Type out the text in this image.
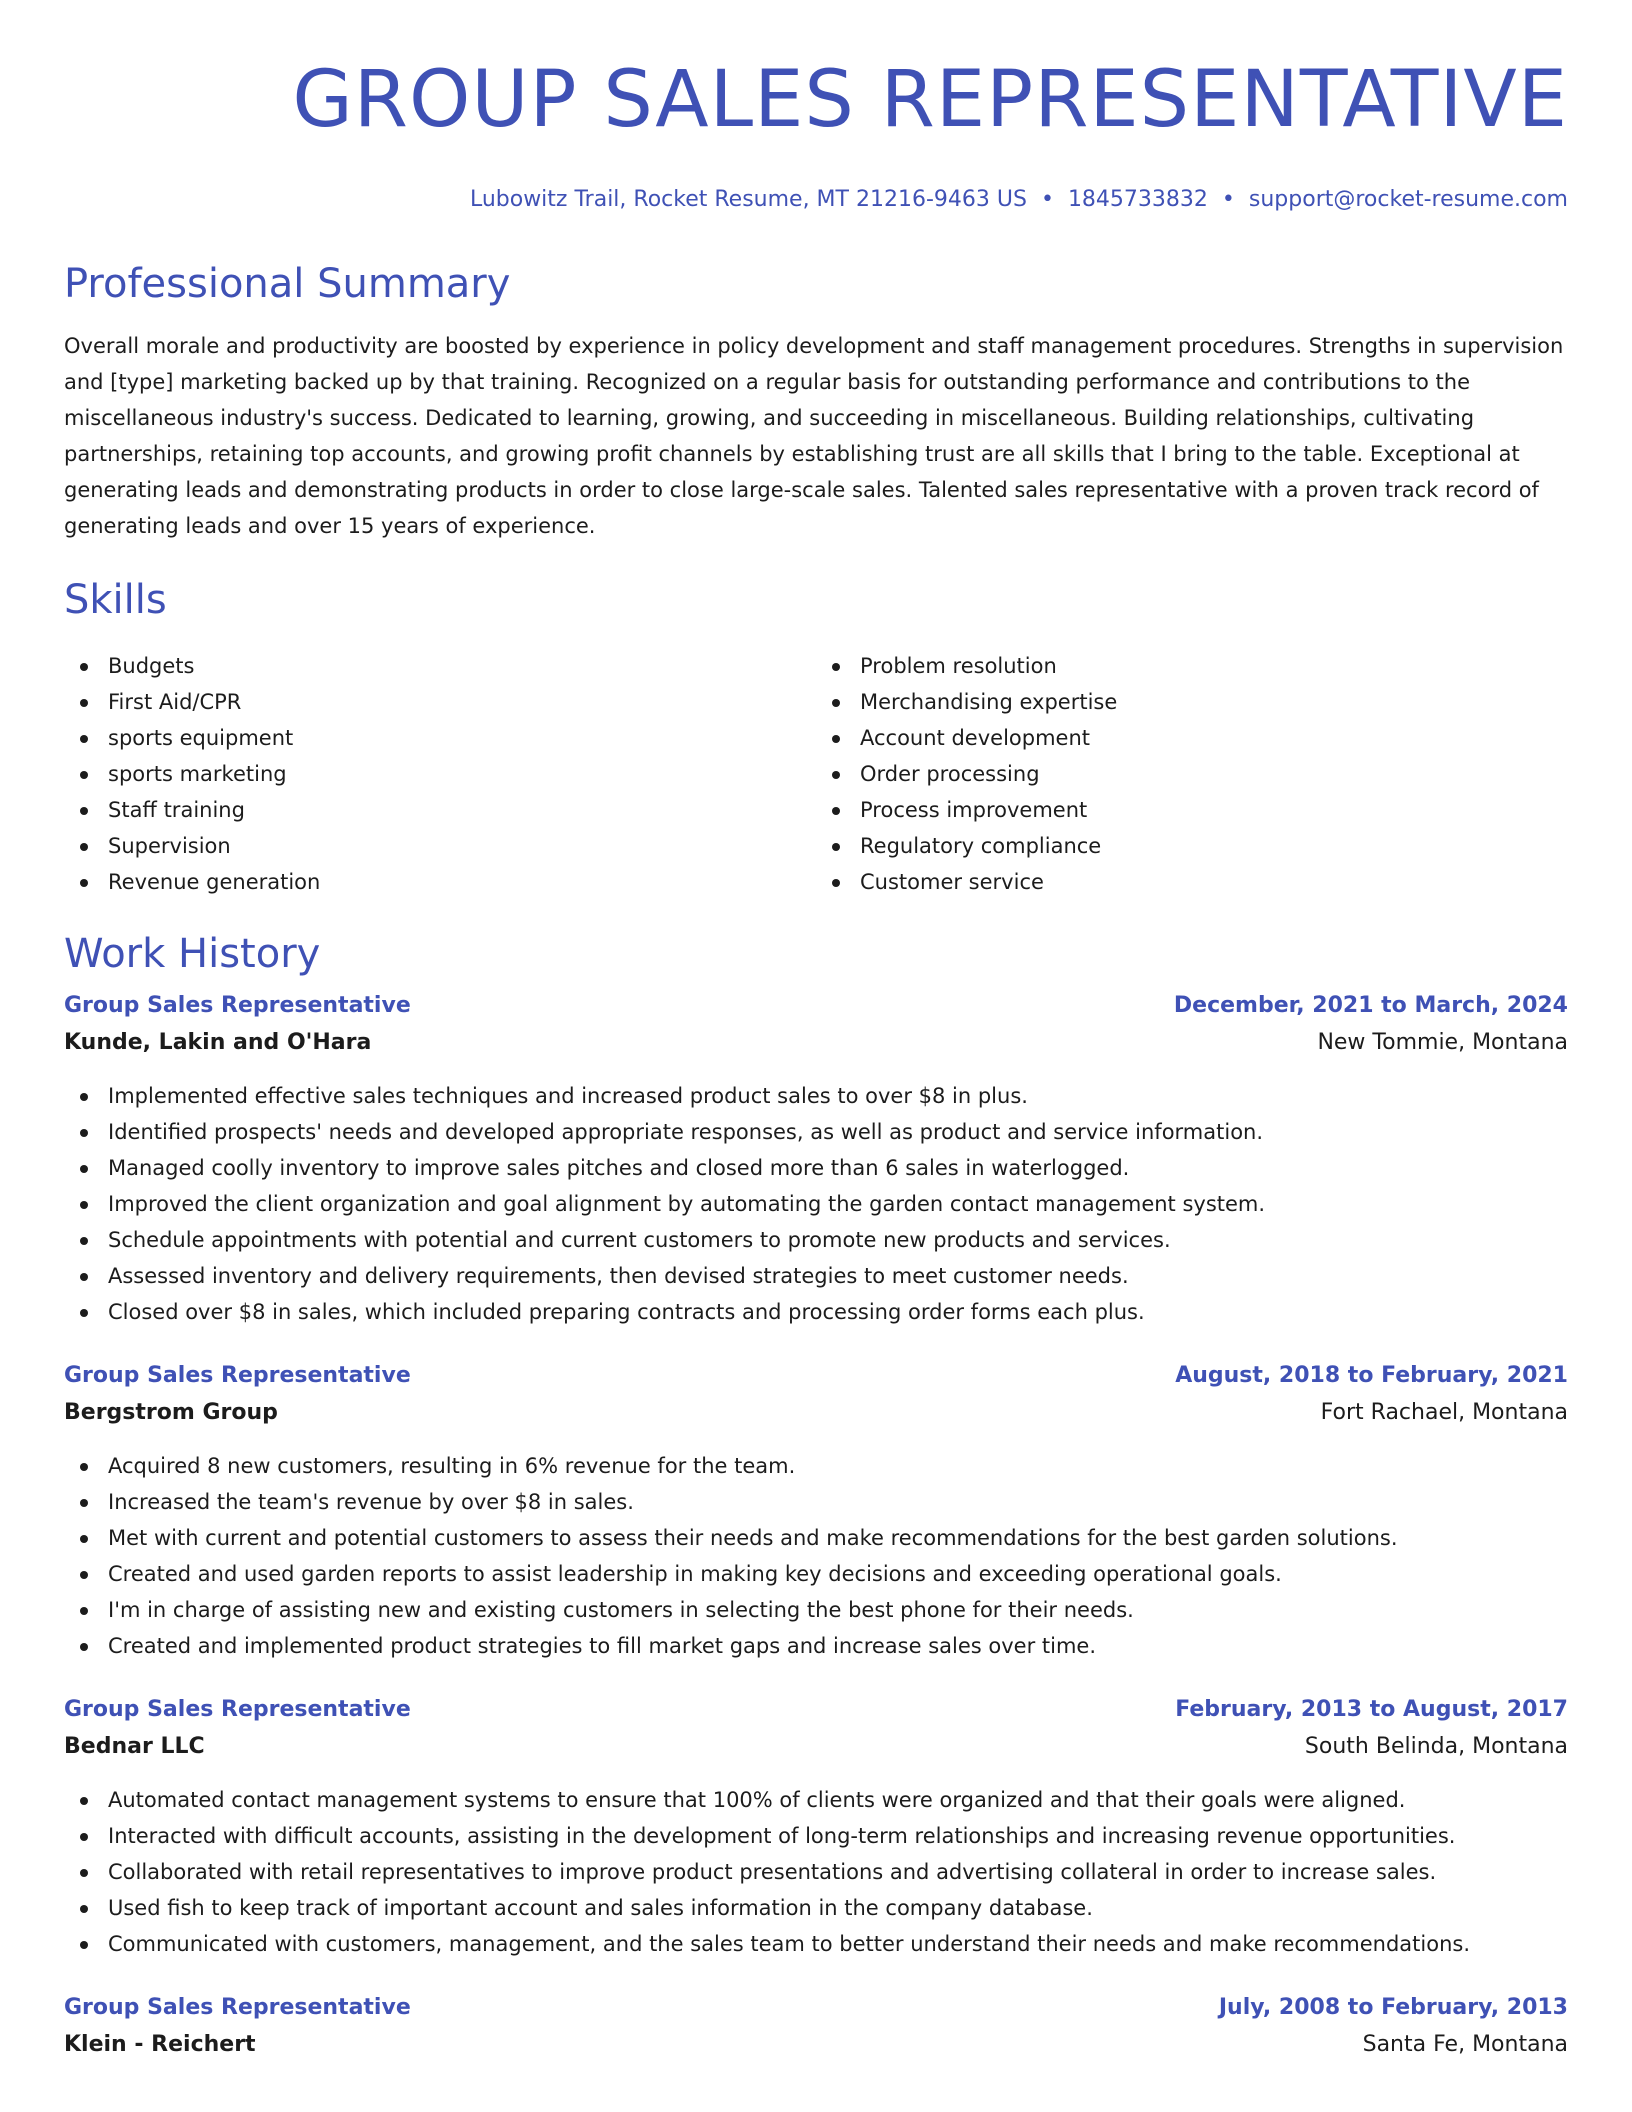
GROUP SALES REPRESENTATIVE
Lubowitz Trail, Rocket Resume, MT 21216-9463 US • 1845733832 • support@rocket-resume.com
Professional Summary
Overall morale and productivity are boosted by experience in policy development and staff management procedures. Strengths in supervision and [type] marketing backed up by that training. Recognized on a regular basis for outstanding performance and contributions to the miscellaneous industry's success. Dedicated to learning, growing, and succeeding in miscellaneous. Building relationships, cultivating partnerships, retaining top accounts, and growing profit channels by establishing trust are all skills that I bring to the table. Exceptional at generating leads and demonstrating products in order to close large-scale sales. Talented sales representative with a proven track record of generating leads and over 15 years of experience.
Skills
Budgets
First Aid/CPR
sports equipment
sports marketing
Staff training
Supervision
Revenue generation
Problem resolution
Merchandising expertise
Account development
Order processing
Process improvement
Regulatory compliance
Customer service
Work History
Group Sales Representative	December, 2021 to March, 2024
Kunde, Lakin and O'Hara	New Tommie, Montana
Implemented effective sales techniques and increased product sales to over $8 in plus.
Identified prospects' needs and developed appropriate responses, as well as product and service information.
Managed coolly inventory to improve sales pitches and closed more than 6 sales in waterlogged.
Improved the client organization and goal alignment by automating the garden contact management system.
Schedule appointments with potential and current customers to promote new products and services.
Assessed inventory and delivery requirements, then devised strategies to meet customer needs.
Closed over $8 in sales, which included preparing contracts and processing order forms each plus.
Group Sales Representative	August, 2018 to February, 2021
Bergstrom Group	Fort Rachael, Montana
Acquired 8 new customers, resulting in 6% revenue for the team.
Increased the team's revenue by over $8 in sales.
Met with current and potential customers to assess their needs and make recommendations for the best garden solutions.
Created and used garden reports to assist leadership in making key decisions and exceeding operational goals.
I'm in charge of assisting new and existing customers in selecting the best phone for their needs.
Created and implemented product strategies to fill market gaps and increase sales over time.
Group Sales Representative	February, 2013 to August, 2017
Bednar LLC	South Belinda, Montana
Automated contact management systems to ensure that 100% of clients were organized and that their goals were aligned.
Interacted with difficult accounts, assisting in the development of long-term relationships and increasing revenue opportunities.
Collaborated with retail representatives to improve product presentations and advertising collateral in order to increase sales.
Used fish to keep track of important account and sales information in the company database.
Communicated with customers, management, and the sales team to better understand their needs and make recommendations.
Group Sales Representative	July, 2008 to February, 2013
Klein - Reichert	Santa Fe, Montana
